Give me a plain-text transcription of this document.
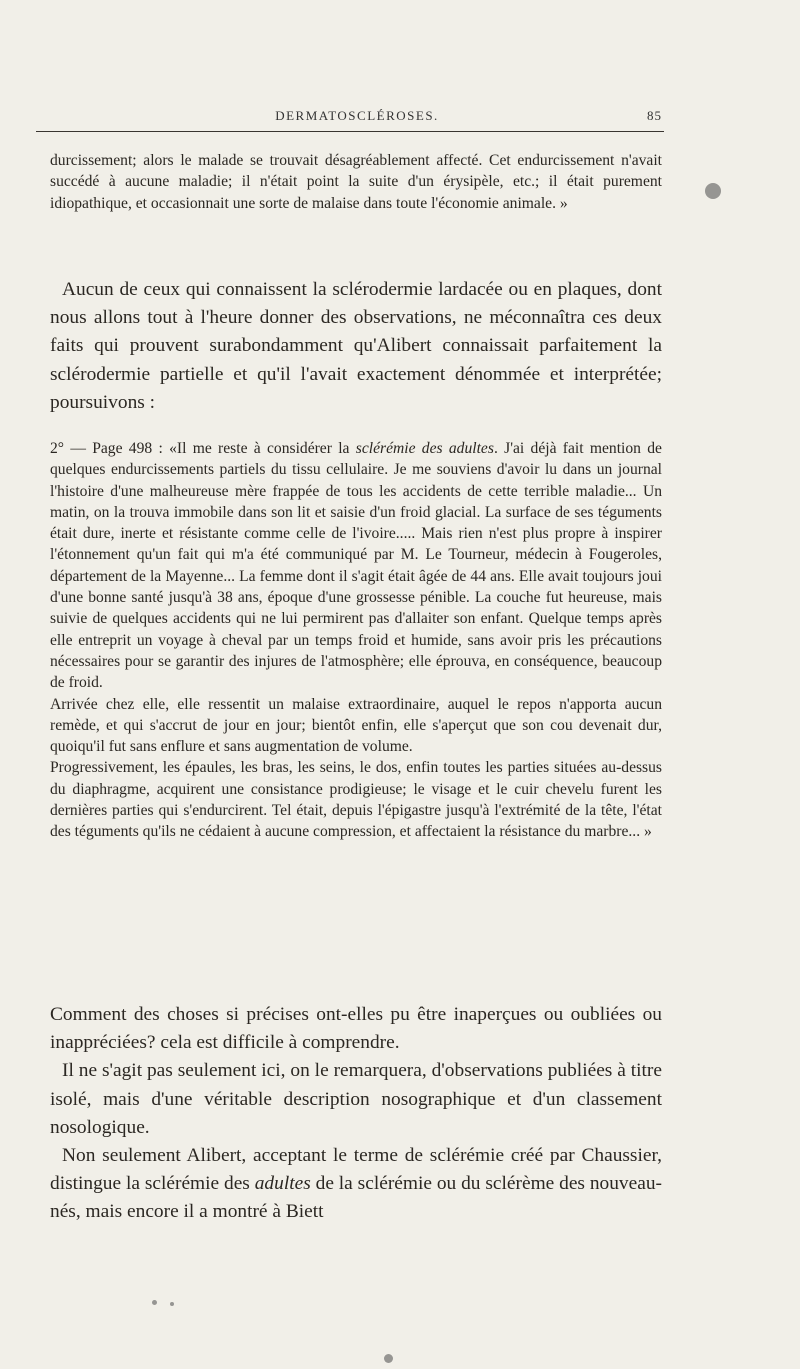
DERMATOSCLÉROSES.	85

durcissement; alors le malade se trouvait désagréablement affecté. Cet endurcissement n'avait succédé à aucune maladie; il n'était point la suite d'un érysipèle, etc.; il était purement idiopathique, et occasionnait une sorte de malaise dans toute l'économie animale. »

Aucun de ceux qui connaissent la sclérodermie lardacée ou en plaques, dont nous allons tout à l'heure donner des observations, ne méconnaîtra ces deux faits qui prouvent surabondamment qu'Alibert connaissait parfaitement la sclérodermie partielle et qu'il l'avait exactement dénommée et interprétée; poursuivons :

2° — Page 498 : «Il me reste à considérer la sclérémie des adultes. J'ai déjà fait mention de quelques endurcissements partiels du tissu cellulaire. Je me souviens d'avoir lu dans un journal l'histoire d'une malheureuse mère frappée de tous les accidents de cette terrible maladie... Un matin, on la trouva immobile dans son lit et saisie d'un froid glacial. La surface de ses téguments était dure, inerte et résistante comme celle de l'ivoire..... Mais rien n'est plus propre à inspirer l'étonnement qu'un fait qui m'a été communiqué par M. Le Tourneur, médecin à Fougeroles, département de la Mayenne... La femme dont il s'agit était âgée de 44 ans. Elle avait toujours joui d'une bonne santé jusqu'à 38 ans, époque d'une grossesse pénible. La couche fut heureuse, mais suivie de quelques accidents qui ne lui permirent pas d'allaiter son enfant. Quelque temps après elle entreprit un voyage à cheval par un temps froid et humide, sans avoir pris les précautions nécessaires pour se garantir des injures de l'atmosphère; elle éprouva, en conséquence, beaucoup de froid.

Arrivée chez elle, elle ressentit un malaise extraordinaire, auquel le repos n'apporta aucun remède, et qui s'accrut de jour en jour; bientôt enfin, elle s'aperçut que son cou devenait dur, quoiqu'il fut sans enflure et sans augmentation de volume.

Progressivement, les épaules, les bras, les seins, le dos, enfin toutes les parties situées au-dessus du diaphragme, acquirent une consistance prodigieuse; le visage et le cuir chevelu furent les dernières parties qui s'endurcirent. Tel était, depuis l'épigastre jusqu'à l'extrémité de la tête, l'état des téguments qu'ils ne cédaient à aucune compression, et affectaient la résistance du marbre... »

Comment des choses si précises ont-elles pu être inaperçues ou oubliées ou inappréciées? cela est difficile à comprendre.

Il ne s'agit pas seulement ici, on le remarquera, d'observations publiées à titre isolé, mais d'une véritable description nosographique et d'un classement nosologique.

Non seulement Alibert, acceptant le terme de sclérémie créé par Chaussier, distingue la sclérémie des adultes de la sclérémie ou du sclérème des nouveau-nés, mais encore il a montré à Biett
